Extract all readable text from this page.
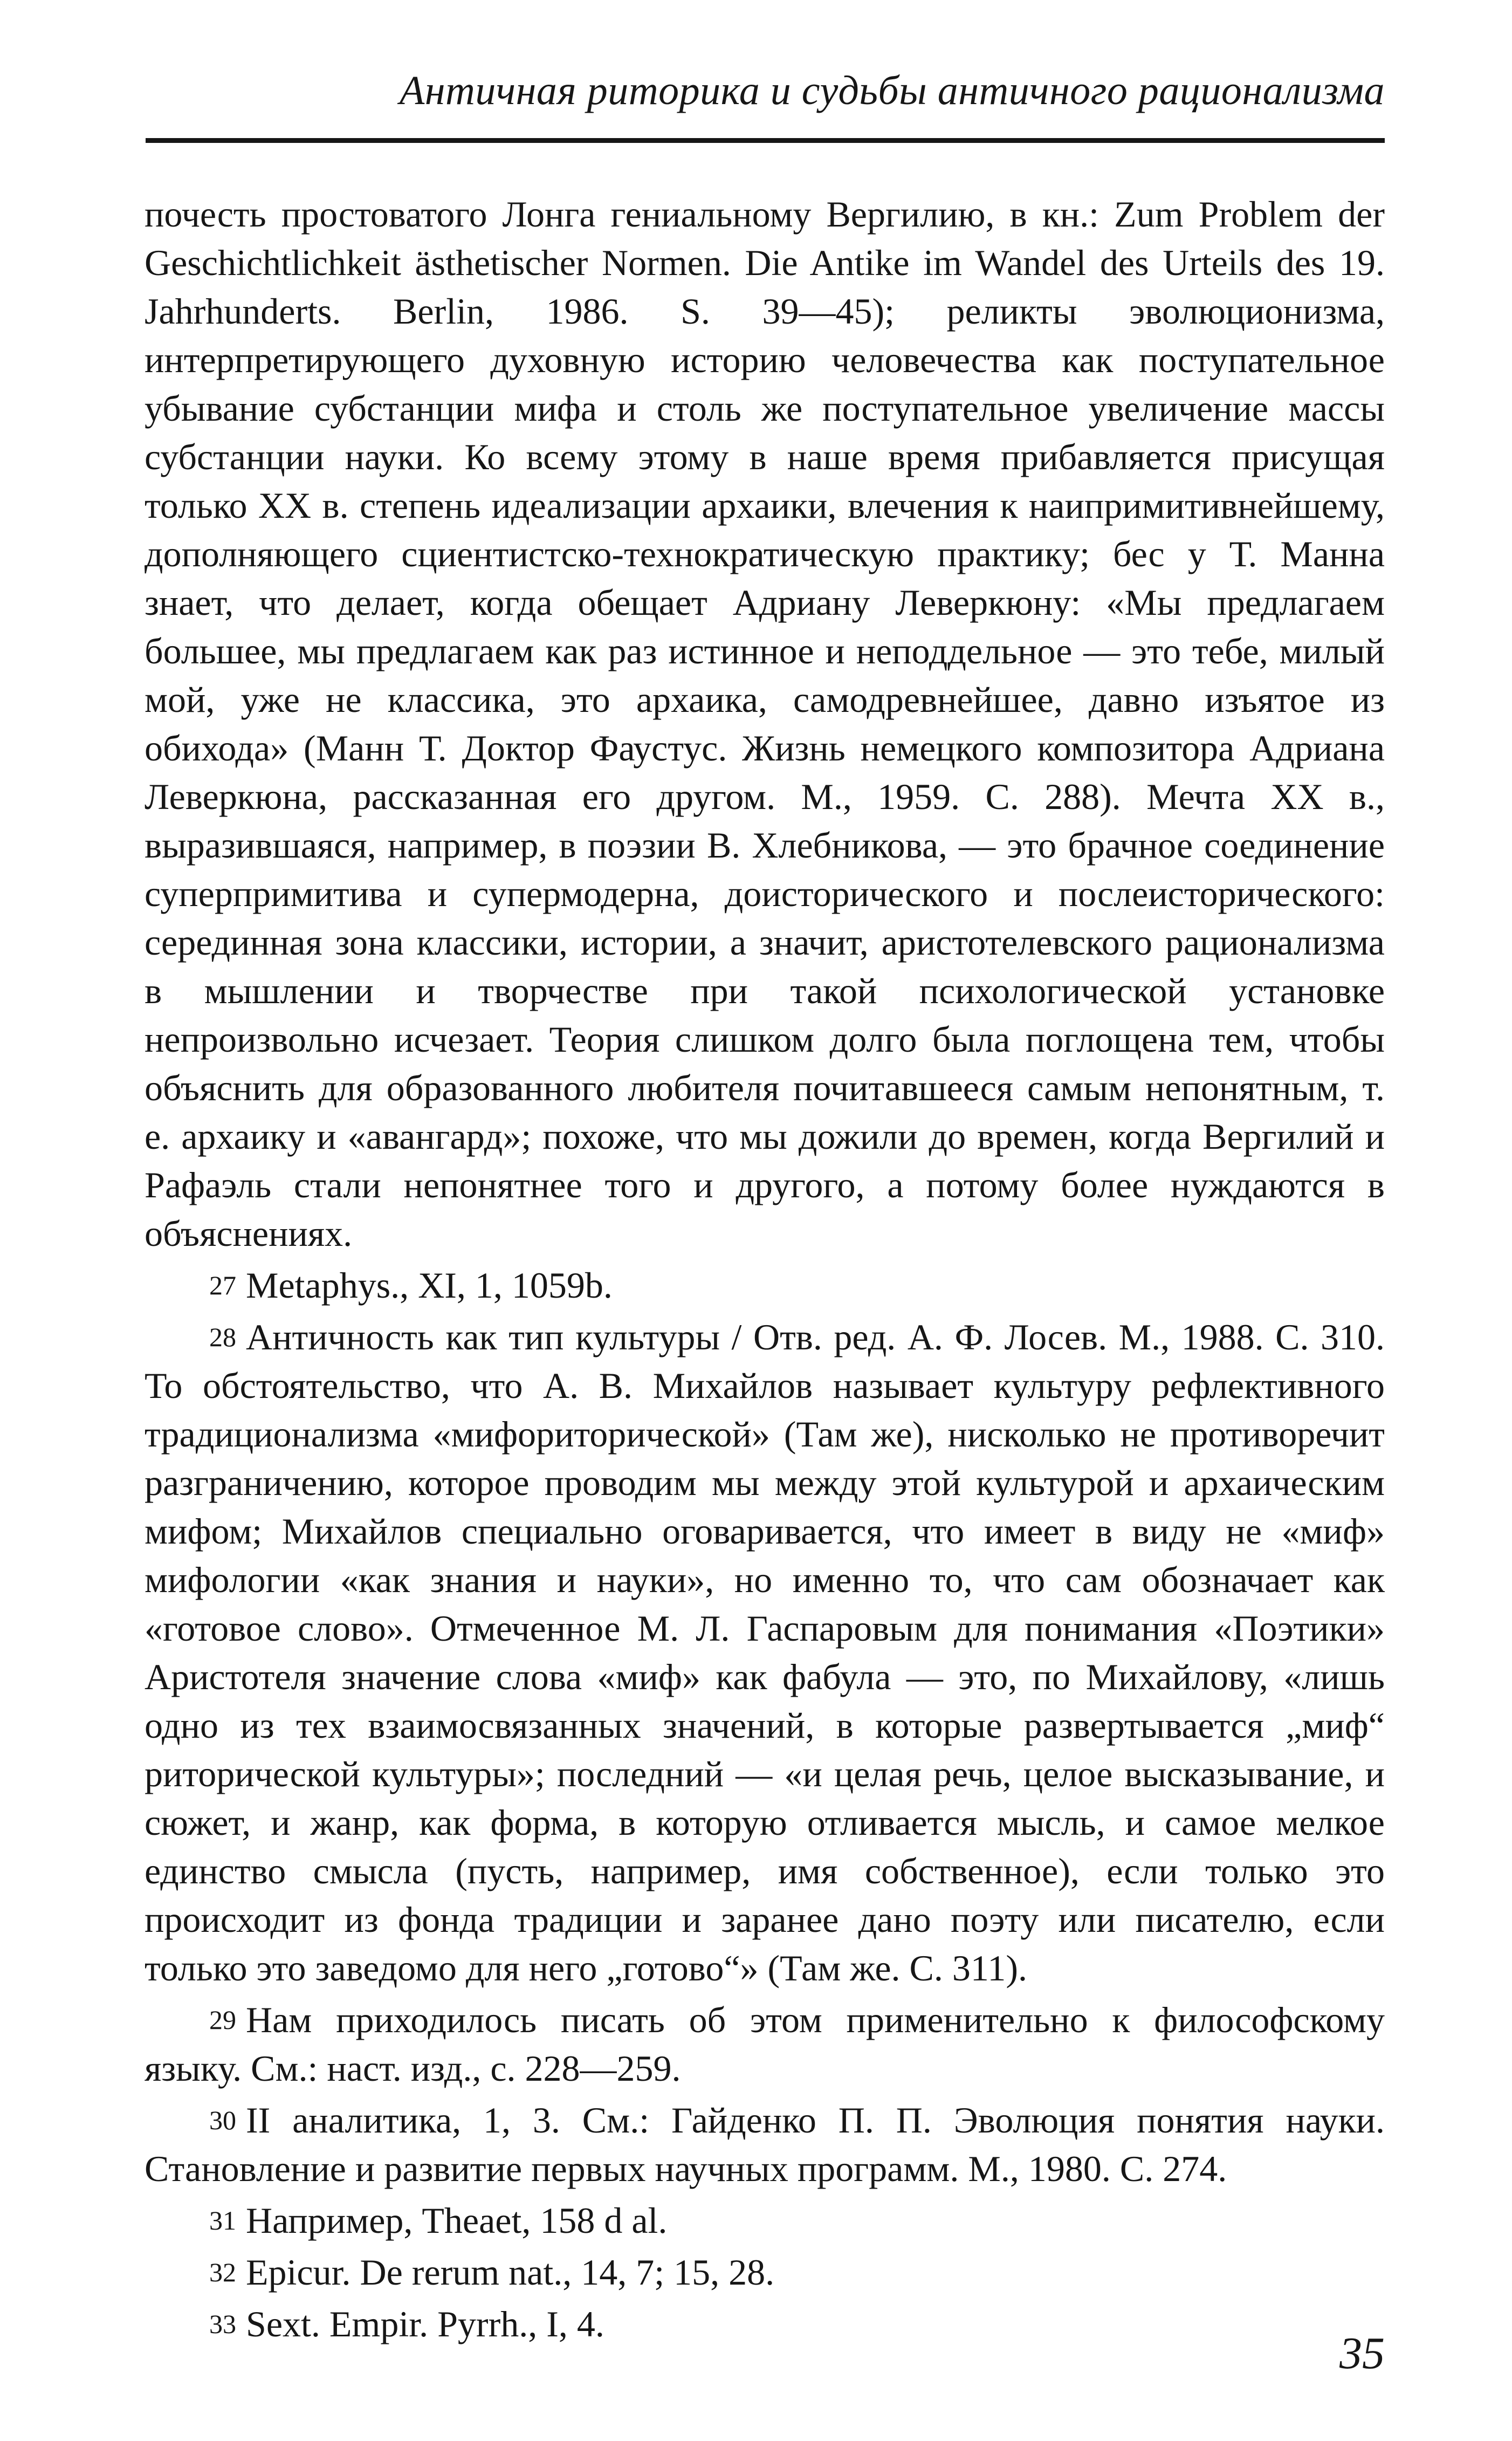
Античная риторика и судьбы античного рационализма

почесть простоватого Лонга гениальному Вергилию, в кн.: Zum Problem der Geschichtlichkeit ästhetischer Normen. Die Antike im Wandel des Urteils des 19. Jahrhunderts. Berlin, 1986. S. 39—45); реликты эволюционизма, интерпретирующего духовную историю человечества как поступательное убывание субстанции мифа и столь же поступательное увеличение массы субстанции науки. Ко всему этому в наше время прибавляется присущая только XX в. степень идеализации архаики, влечения к наипримитивнейшему, дополняющего сциентистско-технократическую практику; бес у Т. Манна знает, что делает, когда обещает Адриану Леверкюну: «Мы предлагаем большее, мы предлагаем как раз истинное и неподдельное — это тебе, милый мой, уже не классика, это архаика, самодревнейшее, давно изъятое из обихода» (Манн Т. Доктор Фаустус. Жизнь немецкого композитора Адриана Леверкюна, рассказанная его другом. М., 1959. С. 288). Мечта XX в., выразившаяся, например, в поэзии В. Хлебникова, — это брачное соединение суперпримитива и супермодерна, доисторического и послеисторического: серединная зона классики, истории, а значит, аристотелевского рационализма в мышлении и творчестве при такой психологической установке непроизвольно исчезает. Теория слишком долго была поглощена тем, чтобы объяснить для образованного любителя почитавшееся самым непонятным, т. е. архаику и «авангард»; похоже, что мы дожили до времен, когда Вергилий и Рафаэль стали непонятнее того и другого, а потому более нуждаются в объяснениях.

27 Metaphys., XI, 1, 1059b.

28 Античность как тип культуры / Отв. ред. А. Ф. Лосев. М., 1988. С. 310. То обстоятельство, что А. В. Михайлов называет культуру рефлективного традиционализма «мифориторической» (Там же), нисколько не противоречит разграничению, которое проводим мы между этой культурой и архаическим мифом; Михайлов специально оговаривается, что имеет в виду не «миф» мифологии «как знания и науки», но именно то, что сам обозначает как «готовое слово». Отмеченное М. Л. Гаспаровым для понимания «Поэтики» Аристотеля значение слова «миф» как фабула — это, по Михайлову, «лишь одно из тех взаимосвязанных значений, в которые развертывается „миф“ риторической культуры»; последний — «и целая речь, целое высказывание, и сюжет, и жанр, как форма, в которую отливается мысль, и самое мелкое единство смысла (пусть, например, имя собственное), если только это происходит из фонда традиции и заранее дано поэту или писателю, если только это заведомо для него „готово“» (Там же. С. 311).

29 Нам приходилось писать об этом применительно к философскому языку. См.: наст. изд., с. 228—259.

30 II аналитика, 1, 3. См.: Гайденко П. П. Эволюция понятия науки. Становление и развитие первых научных программ. М., 1980. С. 274.

31 Например, Theaet, 158 d al.

32 Epicur. De rerum nat., 14, 7; 15, 28.

33 Sext. Empir. Pyrrh., I, 4.

35
